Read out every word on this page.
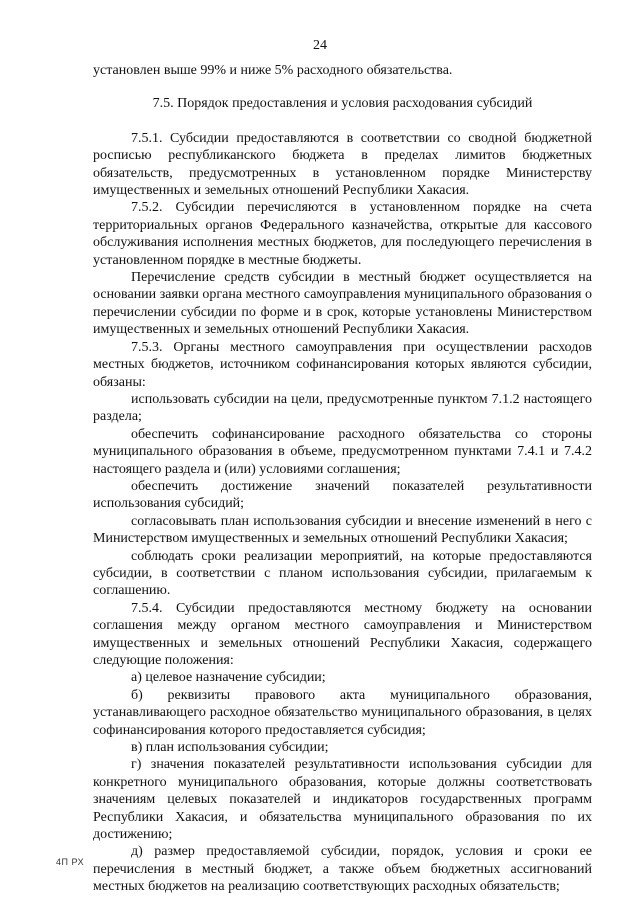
24

установлен выше 99% и ниже 5% расходного обязательства.

7.5. Порядок предоставления и условия расходования субсидий

7.5.1. Субсидии предоставляются в соответствии со сводной бюджетной росписью республиканского бюджета в пределах лимитов бюджетных обязательств, предусмотренных в установленном порядке Министерству имущественных и земельных отношений Республики Хакасия.

7.5.2. Субсидии перечисляются в установленном порядке на счета территориальных органов Федерального казначейства, открытые для кассового обслуживания исполнения местных бюджетов, для последующего перечисления в установленном порядке в местные бюджеты.

Перечисление средств субсидии в местный бюджет осуществляется на основании заявки органа местного самоуправления муниципального образования о перечислении субсидии по форме и в срок, которые установлены Министерством имущественных и земельных отношений Республики Хакасия.

7.5.3. Органы местного самоуправления при осуществлении расходов местных бюджетов, источником софинансирования которых являются субсидии, обязаны:

использовать субсидии на цели, предусмотренные пунктом 7.1.2 настоящего раздела;

обеспечить софинансирование расходного обязательства со стороны муниципального образования в объеме, предусмотренном пунктами 7.4.1 и 7.4.2 настоящего раздела и (или) условиями соглашения;

обеспечить достижение значений показателей результативности использования субсидий;

согласовывать план использования субсидии и внесение изменений в него с Министерством имущественных и земельных отношений Республики Хакасия;

соблюдать сроки реализации мероприятий, на которые предоставляются субсидии, в соответствии с планом использования субсидии, прилагаемым к соглашению.

7.5.4. Субсидии предоставляются местному бюджету на основании соглашения между органом местного самоуправления и Министерством имущественных и земельных отношений Республики Хакасия, содержащего следующие положения:

а) целевое назначение субсидии;

б) реквизиты правового акта муниципального образования, устанавливающего расходное обязательство муниципального образования, в целях софинансирования которого предоставляется субсидия;

в) план использования субсидии;

г) значения показателей результативности использования субсидии для конкретного муниципального образования, которые должны соответствовать значениям целевых показателей и индикаторов государственных программ Республики Хакасия, и обязательства муниципального образования по их достижению;

д) размер предоставляемой субсидии, порядок, условия и сроки ее перечисления в местный бюджет, а также объем бюджетных ассигнований местных бюджетов на реализацию соответствующих расходных обязательств;

4П РХ
